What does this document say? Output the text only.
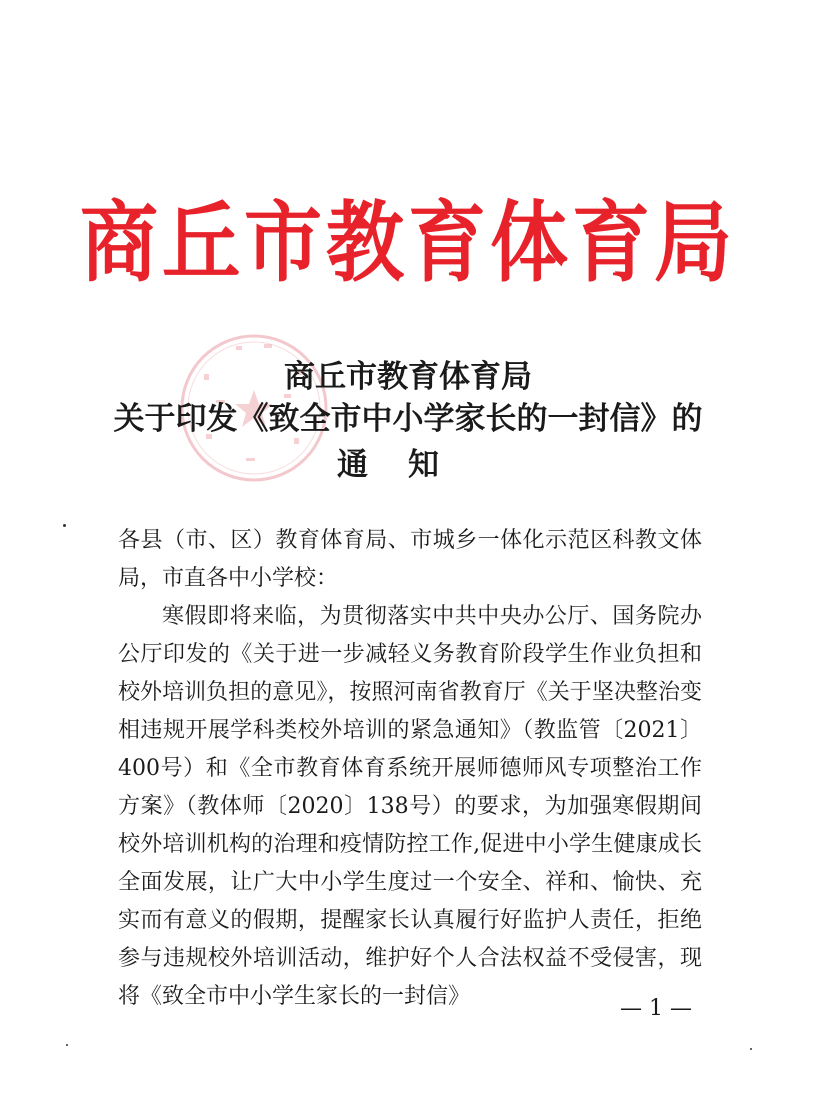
商丘市教育体育局
商丘市教育体育局
关于印发《致全市中小学家长的一封信》的
通知

各县（市、区）教育体育局、市城乡一体化示范区科教文体局，市直各中小学校：

寒假即将来临，为贯彻落实中共中央办公厅、国务院办公厅印发的《关于进一步减轻义务教育阶段学生作业负担和校外培训负担的意见》，按照河南省教育厅《关于坚决整治变相违规开展学科类校外培训的紧急通知》（教监管〔2021〕400号）和《全市教育体育系统开展师德师风专项整治工作方案》（教体师〔2020〕138号）的要求，为加强寒假期间校外培训机构的治理和疫情防控工作,促进中小学生健康成长全面发展，让广大中小学生度过一个安全、祥和、愉快、充实而有意义的假期，提醒家长认真履行好监护人责任，拒绝参与违规校外培训活动，维护好个人合法权益不受侵害，现将《致全市中小学生家长的一封信》	— 1 —
